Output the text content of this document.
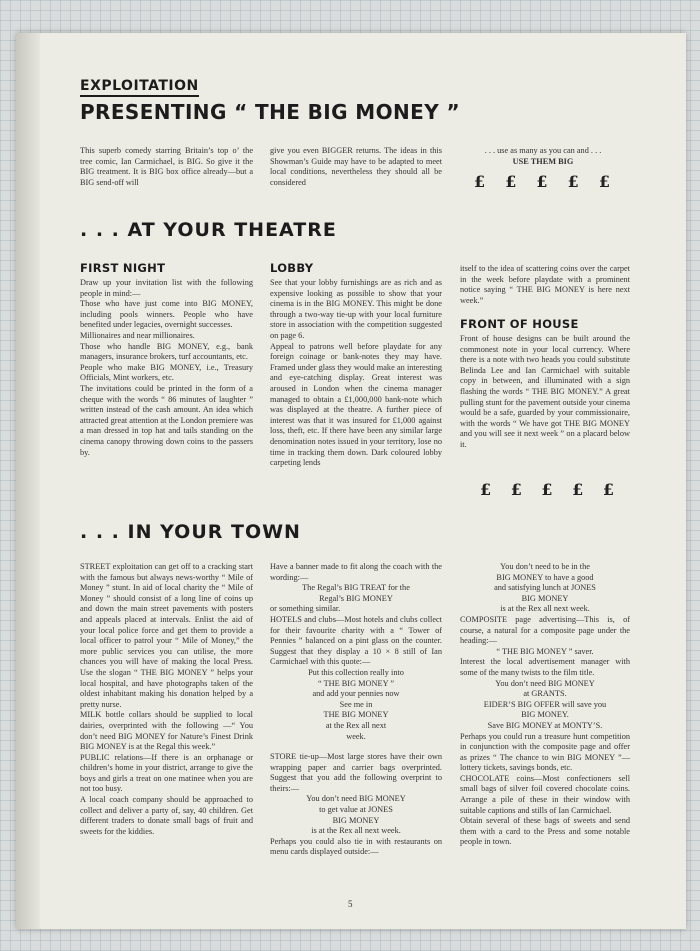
EXPLOITATION
PRESENTING “ THE BIG MONEY ”

This superb comedy starring Britain’s top o’ the tree comic, Ian Carmichael, is BIG. So give it the BIG treatment. It is BIG box office already—but a BIG send-off will

give you even BIGGER returns. The ideas in this Showman’s Guide may have to be adapted to meet local conditions, nevertheless they should all be considered

. . . use as many as you can and . . .

USE THEM BIG

£ £ £ £ £
. . . AT YOUR THEATRE
FIRST NIGHT

Draw up your invitation list with the following people in mind:—

Those who have just come into BIG MONEY, including pools winners. People who have benefited under legacies, overnight successes.

Millionaires and near millionaires.

Those who handle BIG MONEY, e.g., bank managers, insurance brokers, turf accountants, etc.

People who make BIG MONEY, i.e., Treasury Officials, Mint workers, etc.

The invitations could be printed in the form of a cheque with the words “ 86 minutes of laughter ” written instead of the cash amount. An idea which attracted great attention at the London premiere was a man dressed in top hat and tails standing on the cinema canopy throwing down coins to the passers by.

LOBBY

See that your lobby furnishings are as rich and as expensive looking as possible to show that your cinema is in the BIG MONEY. This might be done through a two-way tie-up with your local furniture store in association with the competition suggested on page 6.

Appeal to patrons well before playdate for any foreign coinage or bank-notes they may have. Framed under glass they would make an interesting and eye-catching display. Great interest was aroused in London when the cinema manager managed to obtain a £1,000,000 bank-note which was displayed at the theatre. A further piece of interest was that it was insured for £1,000 against loss, theft, etc. If there have been any similar large denomination notes issued in your territory, lose no time in tracking them down. Dark coloured lobby carpeting lends

itself to the idea of scattering coins over the carpet in the week before playdate with a prominent notice saying “ THE BIG MONEY is here next week.”

FRONT OF HOUSE

Front of house designs can be built around the commonest note in your local currency. Where there is a note with two heads you could substitute Belinda Lee and Ian Carmichael with suitable copy in between, and illuminated with a sign flashing the words “ THE BIG MONEY.” A great pulling stunt for the pavement outside your cinema would be a safe, guarded by your commissionaire, with the words “ We have got THE BIG MONEY and you will see it next week ” on a placard below it.

£ £ £ £ £
. . . IN YOUR TOWN

STREET exploitation can get off to a cracking start with the famous but always news-worthy “ Mile of Money ” stunt. In aid of local charity the “ Mile of Money ” should consist of a long line of coins up and down the main street pavements with posters and appeals placed at intervals. Enlist the aid of your local police force and get them to provide a local officer to patrol your “ Mile of Money,” the more public services you can utilise, the more chances you will have of making the local Press. Use the slogan “ THE BIG MONEY ” helps your local hospital, and have photographs taken of the oldest inhabitant making his donation helped by a pretty nurse.

MILK bottle collars should be supplied to local dairies, overprinted with the following —“ You don’t need BIG MONEY for Nature’s Finest Drink BIG MONEY is at the Regal this week.”

PUBLIC relations—If there is an orphanage or children’s home in your district, arrange to give the boys and girls a treat on one matinee when you are not too busy.

A local coach company should be approached to collect and deliver a party of, say, 40 children. Get different traders to donate small bags of fruit and sweets for the kiddies.

Have a banner made to fit along the coach with the wording:—

The Regal’s BIG TREAT for the

Regal’s BIG MONEY

or something similar.

HOTELS and clubs—Most hotels and clubs collect for their favourite charity with a “ Tower of Pennies ” balanced on a pint glass on the counter. Suggest that they display a 10 × 8 still of Ian Carmichael with this quote:—

Put this collection really into

“ THE BIG MONEY ”

and add your pennies now

See me in

THE BIG MONEY

at the Rex all next

week.

STORE tie-up—Most large stores have their own wrapping paper and carrier bags overprinted. Suggest that you add the following overprint to theirs:—

You don’t need BIG MONEY

to get value at JONES

BIG MONEY

is at the Rex all next week.

Perhaps you could also tie in with restaurants on menu cards displayed outside:—

You don’t need to be in the

BIG MONEY to have a good

and satisfying lunch at JONES

BIG MONEY

is at the Rex all next week.

COMPOSITE page advertising—This is, of course, a natural for a composite page under the heading:—

“ THE BIG MONEY ” saver.

Interest the local advertisement manager with some of the many twists to the film title.

You don’t need BIG MONEY

at GRANTS.

EIDER’S BIG OFFER will save you

BIG MONEY.

Save BIG MONEY at MONTY’S.

Perhaps you could run a treasure hunt competition in conjunction with the composite page and offer as prizes “ The chance to win BIG MONEY ”—lottery tickets, savings bonds, etc.

CHOCOLATE coins—Most confectioners sell small bags of silver foil covered chocolate coins. Arrange a pile of these in their window with suitable captions and stills of Ian Carmichael.

Obtain several of these bags of sweets and send them with a card to the Press and some notable people in town.

5
